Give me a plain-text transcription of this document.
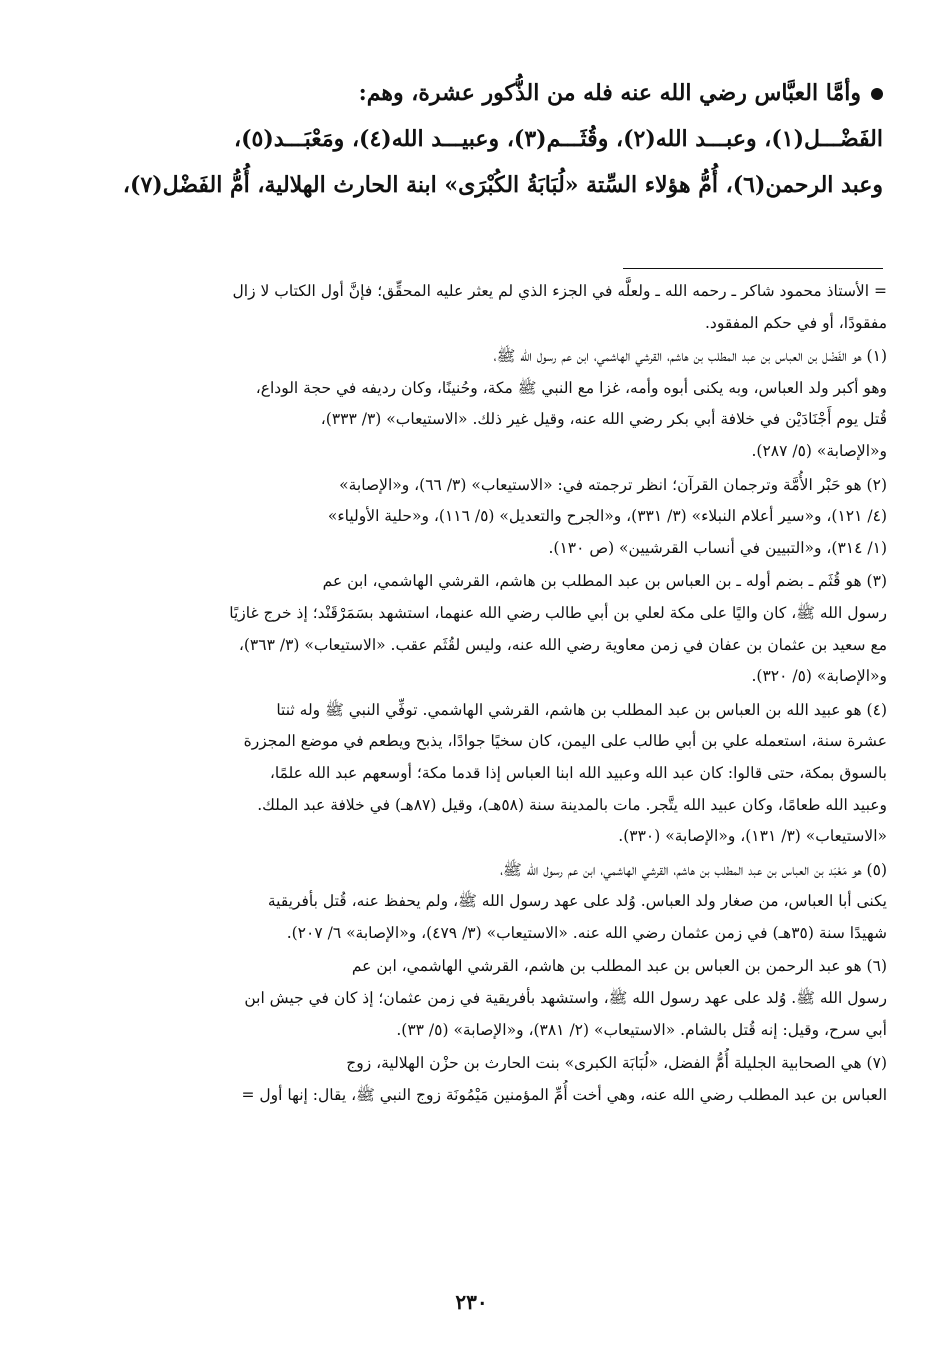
وأمَّا العبَّاس رضي الله عنه فله من الذُّكور عشرة، وهم:
الفَضْـــل(١)، وعبـــد الله(٢)، وقُثَـــم(٣)، وعبيـــد الله(٤)، ومَعْبَـــد(٥)،
وعبد الرحمن(٦)، أُمُّ هؤلاء السِّتة «لُبَابَةُ الكُبْرَى» ابنة الحارث الهلالية، أُمُّ الفَضْل(٧)،
= الأستاذ محمود شاكر ـ رحمه الله ـ ولعلَّه في الجزء الذي لم يعثر عليه المحقِّق؛ فإنَّ أول الكتاب لا زال
مفقودًا، أو في حكم المفقود.
(١) هو الفَضْل بن العباس بن عبد المطلب بن هاشم، القرشي الهاشمي، ابن عم رسول الله ﷺ،
وهو أكبر ولد العباس، وبه يكنى أبوه وأمه، غزا مع النبي ﷺ مكة، وحُنينًا، وكان رديفه في حجة الوداع،
قُتل يوم أَجْنَادَيْن في خلافة أبي بكر رضي الله عنه، وقيل غير ذلك. «الاستيعاب» (٣/ ٣٣٣)،
و«الإصابة» (٥/ ٢٨٧).
(٢) هو حَبْر الأُمَّة وترجمان القرآن؛ انظر ترجمته في: «الاستيعاب» (٣/ ٦٦)، و«الإصابة»
(٤/ ١٢١)، و«سير أعلام النبلاء» (٣/ ٣٣١)، و«الجرح والتعديل» (٥/ ١١٦)، و«حلية الأولياء»
(١/ ٣١٤)، و«التبيين في أنساب القرشيين» (ص ١٣٠).
(٣) هو قُثَم ـ بضم أوله ـ بن العباس بن عبد المطلب بن هاشم، القرشي الهاشمي، ابن عم
رسول الله ﷺ، كان واليًا على مكة لعلي بن أبي طالب رضي الله عنهما، استشهد بسَمَرْقَنْد؛ إذ خرج غازيًا
مع سعيد بن عثمان بن عفان في زمن معاوية رضي الله عنه، وليس لقُثَم عقب. «الاستيعاب» (٣/ ٣٦٣)،
و«الإصابة» (٥/ ٣٢٠).
(٤) هو عبيد الله بن العباس بن عبد المطلب بن هاشم، القرشي الهاشمي. توفِّي النبي ﷺ وله ثنتا
عشرة سنة، استعمله علي بن أبي طالب على اليمن، كان سخيًا جوادًا، يذبح ويطعم في موضع المجزرة
بالسوق بمكة، حتى قالوا: كان عبد الله وعبيد الله ابنا العباس إذا قدما مكة؛ أوسعهم عبد الله علمًا،
وعبيد الله طعامًا، وكان عبيد الله يتَّجر. مات بالمدينة سنة (٥٨هـ)، وقيل (٨٧هـ) في خلافة عبد الملك.
«الاستيعاب» (٣/ ١٣١)، و«الإصابة» (٣٣٠).
(٥) هو مَعْبَد بن العباس بن عبد المطلب بن هاشم، القرشي الهاشمي، ابن عم رسول الله ﷺ،
يكنى أبا العباس، من صغار ولد العباس. وُلد على عهد رسول الله ﷺ، ولم يحفظ عنه، قُتل بأفريقية
شهيدًا سنة (٣٥هـ) في زمن عثمان رضي الله عنه. «الاستيعاب» (٣/ ٤٧٩)، و«الإصابة» ٦/ ٢٠٧).
(٦) هو عبد الرحمن بن العباس بن عبد المطلب بن هاشم، القرشي الهاشمي، ابن عم
رسول الله ﷺ. وُلد على عهد رسول الله ﷺ، واستشهد بأفريقية في زمن عثمان؛ إذ كان في جيش ابن
أبي سرح، وقيل: إنه قُتل بالشام. «الاستيعاب» (٢/ ٣٨١)، و«الإصابة» (٥/ ٣٣).
(٧) هي الصحابية الجليلة أُمُّ الفضل، «لُبَابَة الكبرى» بنت الحارث بن حزْن الهلالية، زوج
العباس بن عبد المطلب رضي الله عنه، وهي أخت أُمِّ المؤمنين مَيْمُونَة زوج النبي ﷺ، يقال: إنها أول =
٢٣٠
